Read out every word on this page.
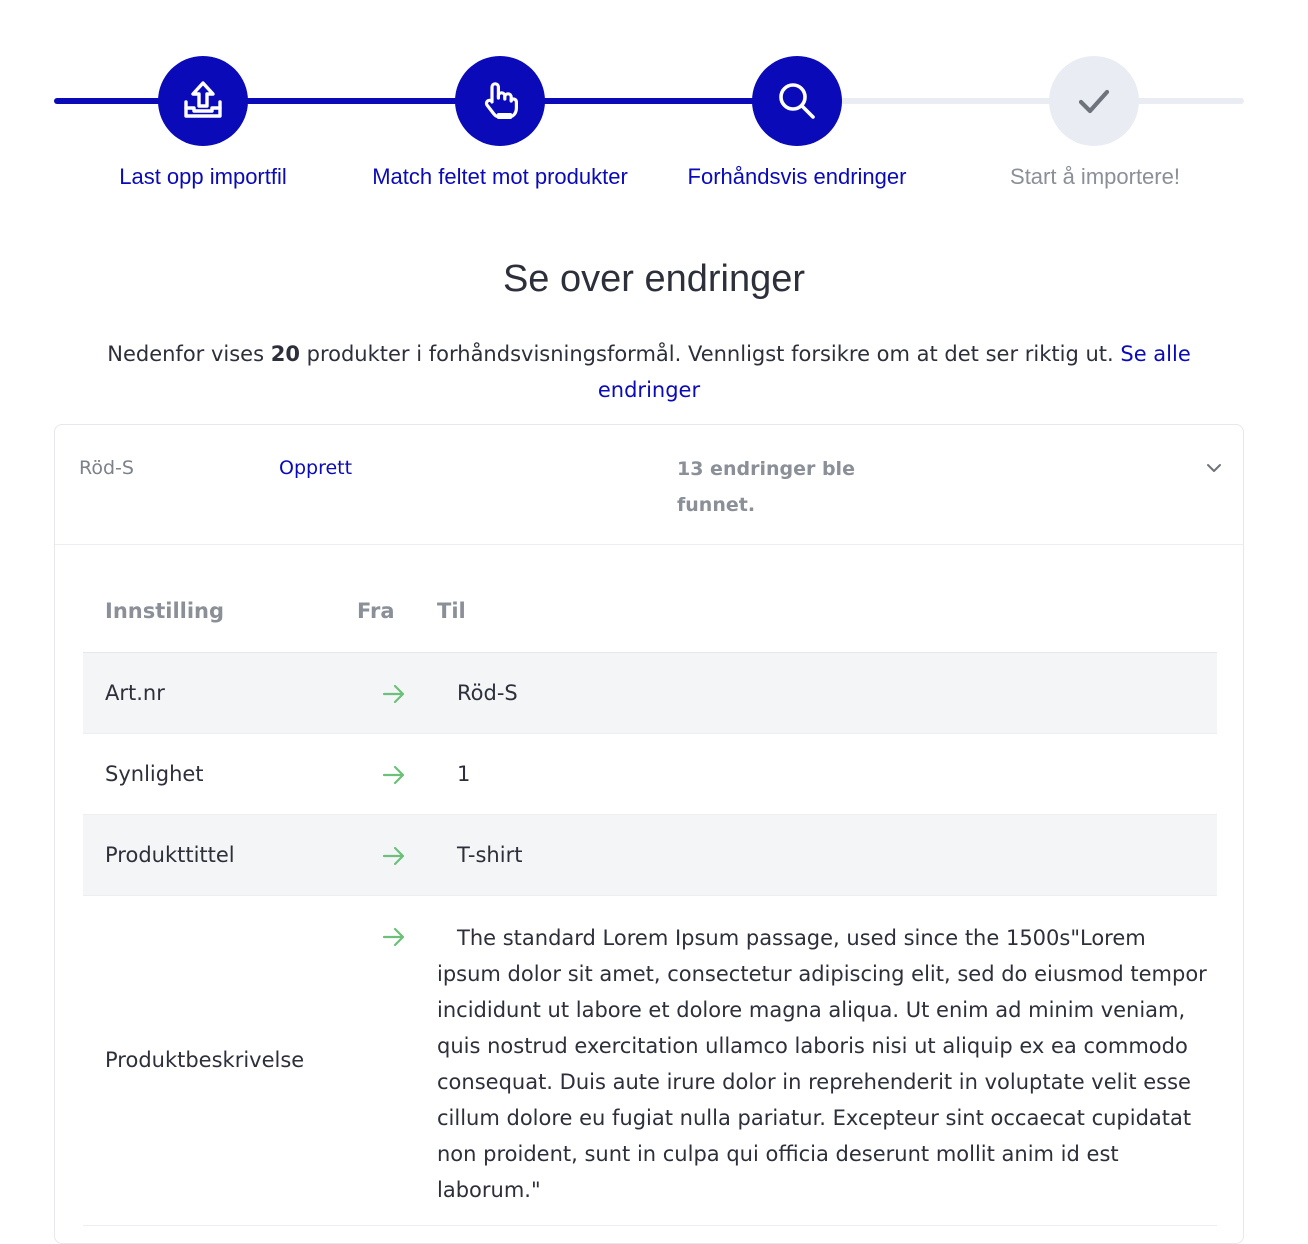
Last opp importfil	Match feltet mot produkter	Forhåndsvis endringer	Start å importere!
Se over endringer

Nedenfor vises 20 produkter i forhåndsvisningsformål. Vennligst forsikre om at det ser riktig ut. Se alle endringer

Röd-S	Opprett	13 endringer ble funnet.
Innstilling	Fra Til
Art.nr	Röd-S
Synlighet	1
Produkttittel	T-shirt
Produktbeskrivelse
The standard Lorem Ipsum passage, used since the 1500s"Lorem ipsum dolor sit amet, consectetur adipiscing elit, sed do eiusmod tempor incididunt ut labore et dolore magna aliqua. Ut enim ad minim veniam, quis nostrud exercitation ullamco laboris nisi ut aliquip ex ea commodo consequat. Duis aute irure dolor in reprehenderit in voluptate velit esse cillum dolore eu fugiat nulla pariatur. Excepteur sint occaecat cupidatat non proident, sunt in culpa qui officia deserunt mollit anim id est laborum."
